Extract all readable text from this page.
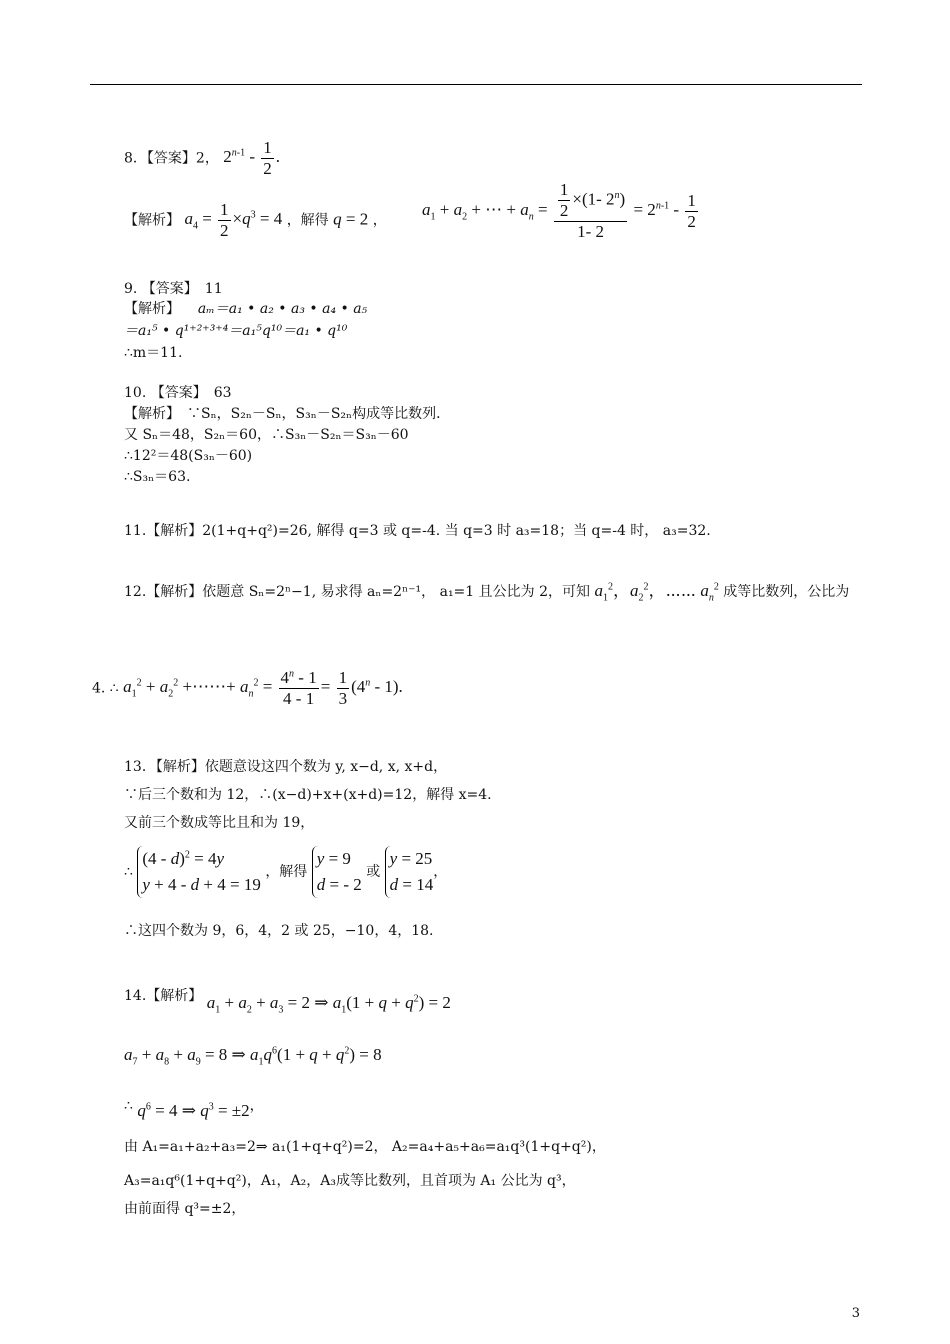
8．【答案】2， $2^{n-1} - \frac{1}{2}$ .
【解析】 $a_4 = \frac{1}{2} \times q^3 = 4$ ，解得 q = 2 ，
$a_1 + a_2$ + ⋯ + $a_n = \frac{\frac{1}{2} \times(1- 2^n)}{1- 2} = 2^{n-1} - \frac{1}{2}$
9. 【答案】　11
【解析】 aₘ＝a₁ • a₂ • a₃ • a₄ • a₅
＝a₁⁵ • q¹⁺²⁺³⁺⁴＝a₁⁵q¹⁰＝a₁ • q¹⁰
∴m＝11.
10. 【答案】　63
【解析】　∵Sₙ，S₂ₙ－Sₙ，S₃ₙ－S₂ₙ构成等比数列．
又 Sₙ＝48，S₂ₙ＝60，∴S₃ₙ－S₂ₙ＝S₃ₙ－60
∴12²＝48(S₃ₙ－60)
∴S₃ₙ＝63.
11.【解析】2(1+q+q²)=26, 解得 q=3 或 q=-4. 当 q=3 时 a₃=18；当 q=-4 时， a₃=32.
12.【解析】依题意 Sₙ=2ⁿ−1, 易求得 aₙ=2ⁿ⁻¹， a₁=1 且公比为 2，可知 $a_1^2$，$a_2^2$，⋯⋯ $a_n^2$ 成等比数列，公比为
4. ∴ $a_1^2 + a_2^2$ +⋯⋯+ $a_n^2 = \frac{4^n - 1}{4 - 1} = \frac{1}{3} (4^n - 1)$.
13．【解析】依题意设这四个数为 y, x−d, x, x+d，
∵后三个数和为 12，∴(x−d)+x+(x+d)=12，解得 x=4.
又前三个数成等比且和为 19，
∴ (4 - d)$^2$ = 4y
y + 4 - d + 4 = 19 ，解得 y = 9
d = - 2 或 y = 25
d = 14，
∴这四个数为 9，6，4，2 或 25，−10，4，18.
14.【解析】 $a_1 + a_2 + a_3 = 2$ ⇒ $a_1(1 + q + q^2) = 2$
$a_7 + a_8 + a_9 = 8$ ⇒ $a_1q^6(1 + q + q^2) = 8$
∴ $q^6 = 4$ ⇒ $q^3 = \pm 2$，
由 A₁=a₁+a₂+a₃=2⇒ a₁(1+q+q²)=2， A₂=a₄+a₅+a₆=a₁q³(1+q+q²)，
A₃=a₁q⁶(1+q+q²)，A₁，A₂，A₃成等比数列，且首项为 A₁ 公比为 q³，
由前面得 q³=±2，
3
